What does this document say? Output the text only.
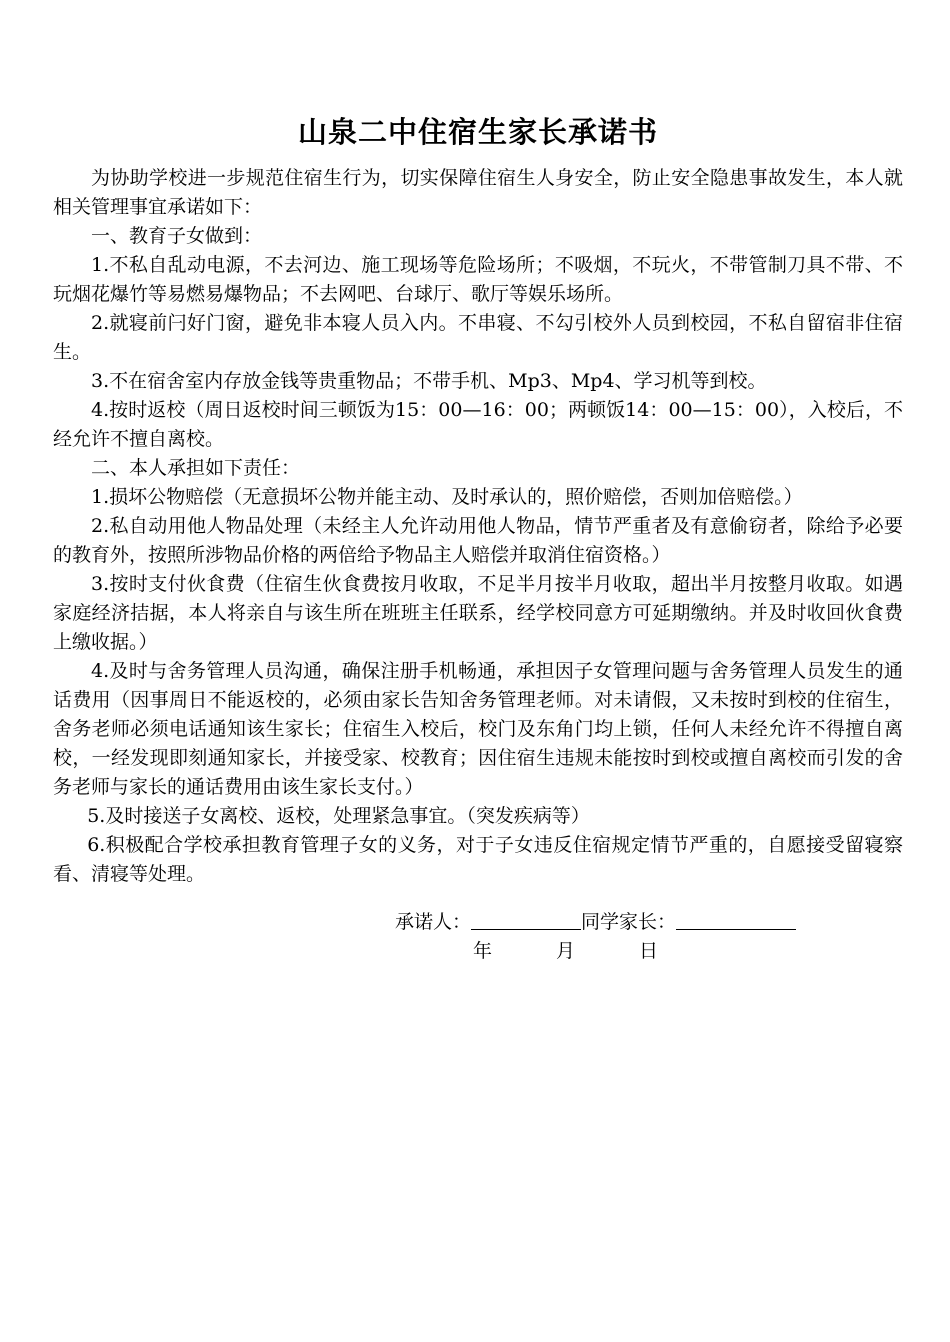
山泉二中住宿生家长承诺书

为协助学校进一步规范住宿生行为，切实保障住宿生人身安全，防止安全隐患事故发生，本人就相关管理事宜承诺如下：

一、教育子女做到：

1.不私自乱动电源，不去河边、施工现场等危险场所；不吸烟，不玩火，不带管制刀具不带、不玩烟花爆竹等易燃易爆物品；不去网吧、台球厅、歌厅等娱乐场所。

2.就寝前闩好门窗，避免非本寝人员入内。不串寝、不勾引校外人员到校园，不私自留宿非住宿生。

3.不在宿舍室内存放金钱等贵重物品；不带手机、Mp3、Mp4、学习机等到校。

4.按时返校（周日返校时间三顿饭为15：00—16：00；两顿饭14：00—15：00），入校后，不经允许不擅自离校。

二、本人承担如下责任：

1.损坏公物赔偿（无意损坏公物并能主动、及时承认的，照价赔偿，否则加倍赔偿。）

2.私自动用他人物品处理（未经主人允许动用他人物品，情节严重者及有意偷窃者，除给予必要的教育外，按照所涉物品价格的两倍给予物品主人赔偿并取消住宿资格。）

3.按时支付伙食费（住宿生伙食费按月收取，不足半月按半月收取，超出半月按整月收取。如遇家庭经济拮据，本人将亲自与该生所在班班主任联系，经学校同意方可延期缴纳。并及时收回伙食费上缴收据。）

4.及时与舍务管理人员沟通，确保注册手机畅通，承担因子女管理问题与舍务管理人员发生的通话费用（因事周日不能返校的，必须由家长告知舍务管理老师。对未请假，又未按时到校的住宿生，舍务老师必须电话通知该生家长；住宿生入校后，校门及东角门均上锁，任何人未经允许不得擅自离校，一经发现即刻通知家长，并接受家、校教育；因住宿生违规未能按时到校或擅自离校而引发的舍务老师与家长的通话费用由该生家长支付。）

5.及时接送子女离校、返校，处理紧急事宜。（突发疾病等）

6.积极配合学校承担教育管理子女的义务，对于子女违反住宿规定情节严重的，自愿接受留寝察看、清寝等处理。

承诺人：	同学家长：
年	月	日
